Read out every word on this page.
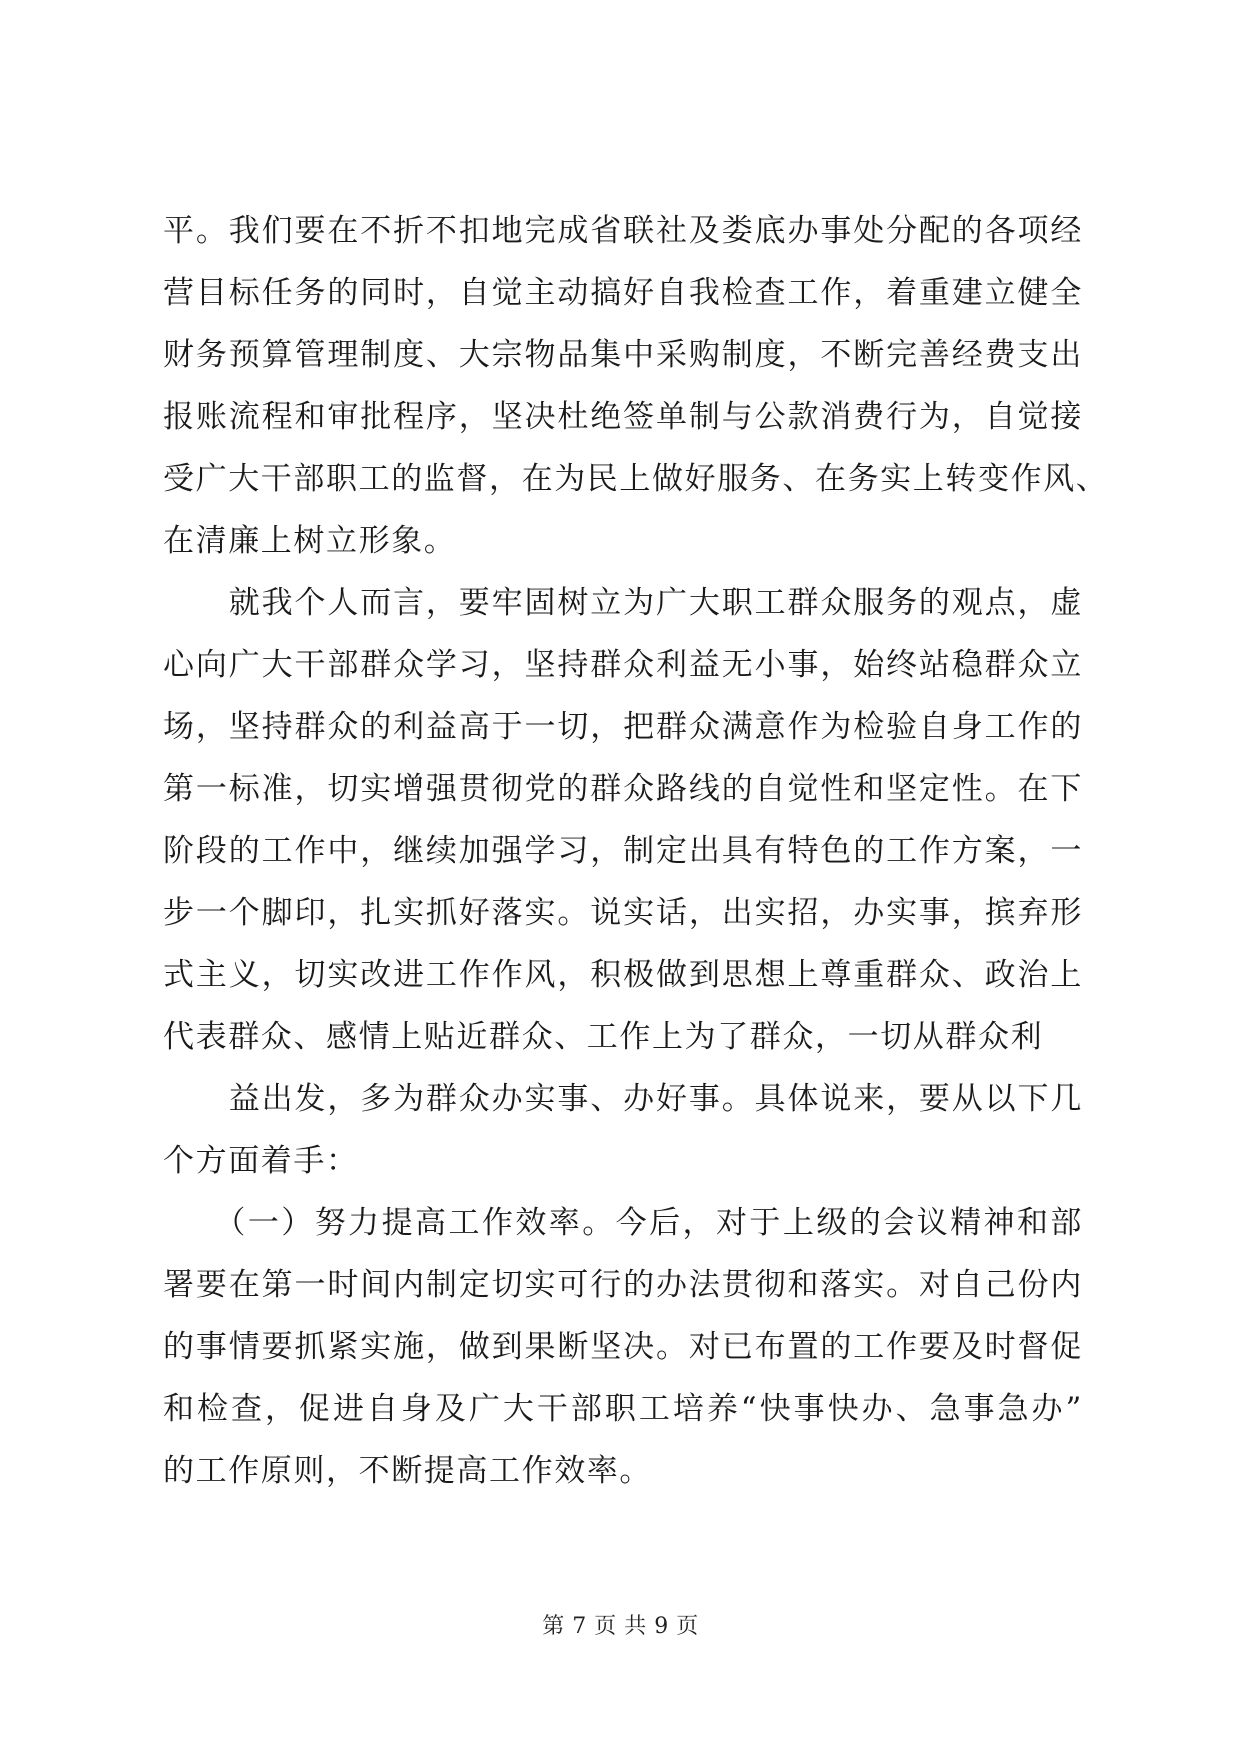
平。我们要在不折不扣地完成省联社及娄底办事处分配的各项经
营目标任务的同时，自觉主动搞好自我检查工作，着重建立健全
财务预算管理制度、大宗物品集中采购制度，不断完善经费支出
报账流程和审批程序，坚决杜绝签单制与公款消费行为，自觉接
受广大干部职工的监督，在为民上做好服务、在务实上转变作风、
在清廉上树立形象。
　　就我个人而言，要牢固树立为广大职工群众服务的观点，虚
心向广大干部群众学习，坚持群众利益无小事，始终站稳群众立
场，坚持群众的利益高于一切，把群众满意作为检验自身工作的
第一标准，切实增强贯彻党的群众路线的自觉性和坚定性。在下
阶段的工作中，继续加强学习，制定出具有特色的工作方案，一
步一个脚印，扎实抓好落实。说实话，出实招，办实事，摈弃形
式主义，切实改进工作作风，积极做到思想上尊重群众、政治上
代表群众、感情上贴近群众、工作上为了群众，一切从群众利
　　益出发，多为群众办实事、办好事。具体说来，要从以下几
个方面着手：
　　（一）努力提高工作效率。今后，对于上级的会议精神和部
署要在第一时间内制定切实可行的办法贯彻和落实。对自己份内
的事情要抓紧实施，做到果断坚决。对已布置的工作要及时督促
和检查，促进自身及广大干部职工培养“快事快办、急事急办”
的工作原则，不断提高工作效率。
第 7 页 共 9 页
